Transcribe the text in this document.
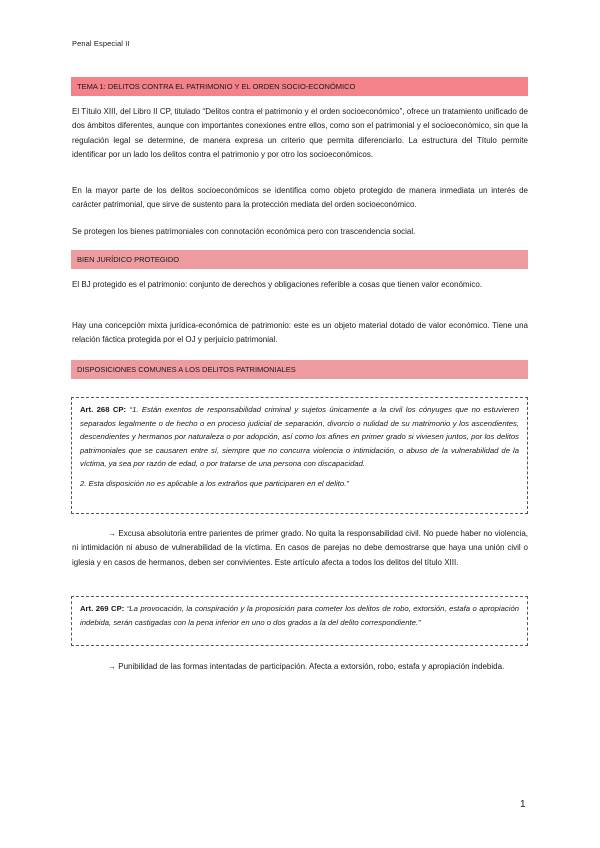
Penal Especial II
TEMA 1: DELITOS CONTRA EL PATRIMONIO Y EL ORDEN SOCIO-ECONÓMICO

El Título XIII, del Libro II CP, titulado “Delitos contra el patrimonio y el orden socioeconómico”, ofrece un tratamiento unificado de dos ámbitos diferentes, aunque con importantes conexiones entre ellos, como son el patrimonial y el socioeconómico, sin que la regulación legal se determine, de manera expresa un criterio que permita diferenciarlo. La estructura del Título permite identificar por un lado los delitos contra el patrimonio y por otro los socioeconómicos.

En la mayor parte de los delitos socioeconómicos se identifica como objeto protegido de manera inmediata un interés de carácter patrimonial, que sirve de sustento para la protección mediata del orden socioeconómico.

Se protegen los bienes patrimoniales con connotación económica pero con trascendencia social.

BIEN JURÍDICO PROTEGIDO

El BJ protegido es el patrimonio: conjunto de derechos y obligaciones referible a cosas que tienen valor económico.

Hay una concepción mixta jurídica-económica de patrimonio: este es un objeto material dotado de valor económico. Tiene una relación fáctica protegida por el OJ y perjuicio patrimonial.

DISPOSICIONES COMUNES A LOS DELITOS PATRIMONIALES

Art. 268 CP: “1. Están exentos de responsabilidad criminal y sujetos únicamente a la civil los cónyuges que no estuvieren separados legalmente o de hecho o en proceso judicial de separación, divorcio o nulidad de su matrimonio y los ascendientes, descendientes y hermanos por naturaleza o por adopción, así como los afines en primer grado si viviesen juntos, por los delitos patrimoniales que se causaren entre sí, siempre que no concurra violencia o intimidación, o abuso de la vulnerabilidad de la víctima, ya sea por razón de edad, o por tratarse de una persona con discapacidad.

2. Esta disposición no es aplicable a los extraños que participaren en el delito.”

→ Excusa absolutoria entre parientes de primer grado. No quita la responsabilidad civil. No puede haber no violencia, ni intimidación ni abuso de vulnerabilidad de la víctima. En casos de parejas no debe demostrarse que haya una unión civil o iglesia y en casos de hermanos, deben ser convivientes. Este artículo afecta a todos los delitos del título XIII.

Art. 269 CP: “La provocación, la conspiración y la proposición para cometer los delitos de robo, extorsión, estafa o apropiación indebida, serán castigadas con la pena inferior en uno o dos grados a la del delito correspondiente.”

→ Punibilidad de las formas intentadas de participación. Afecta a extorsión, robo, estafa y apropiación indebida.

1
